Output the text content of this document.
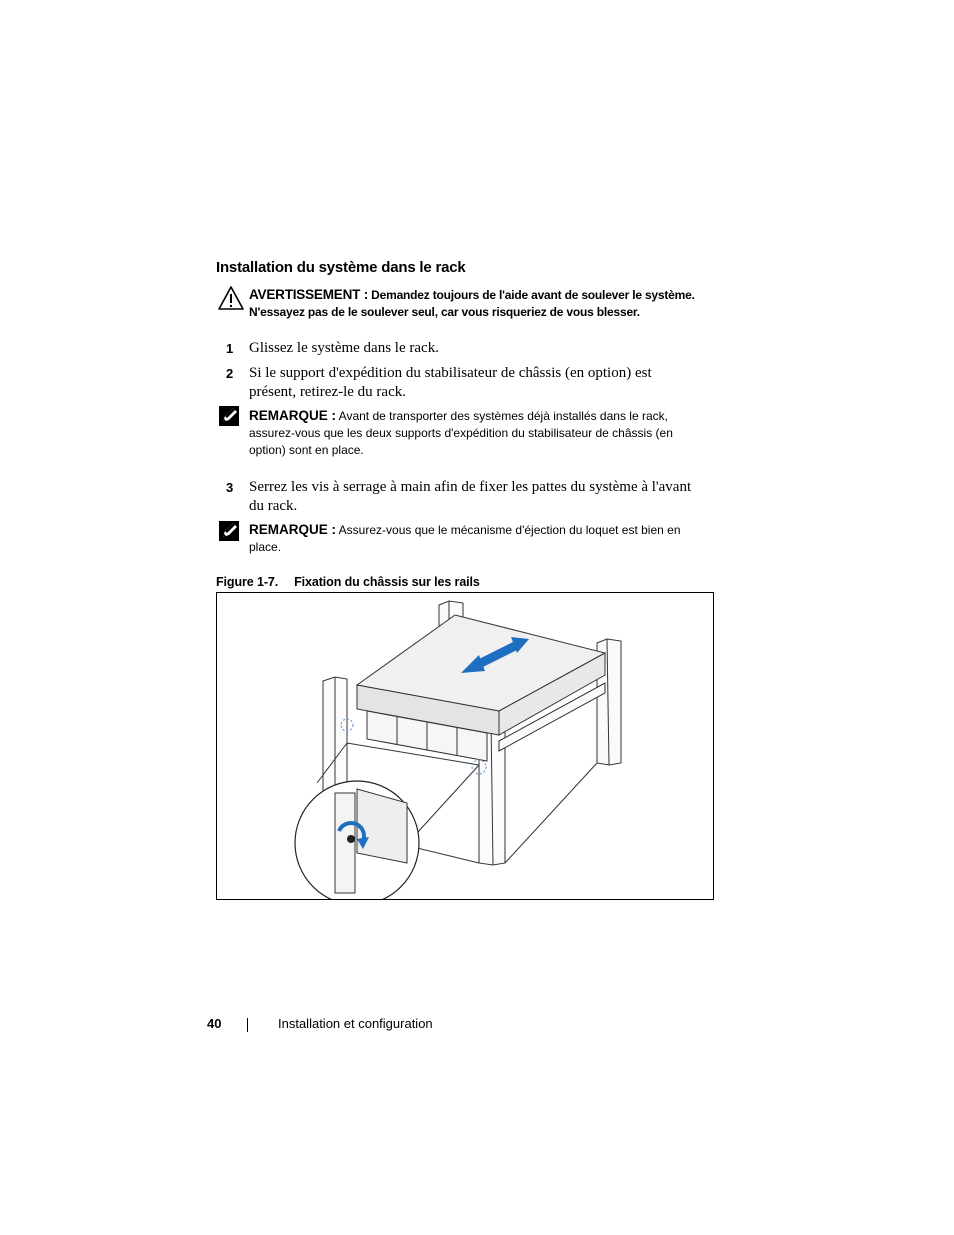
Installation du système dans le rack
AVERTISSEMENT : Demandez toujours de l'aide avant de soulever le système.
N'essayez pas de le soulever seul, car vous risqueriez de vous blesser.
1 Glissez le système dans le rack.
2 Si le support d'expédition du stabilisateur de châssis (en option) est présent, retirez-le du rack.
REMARQUE : Avant de transporter des systèmes déjà installés dans le rack, assurez-vous que les deux supports d'expédition du stabilisateur de châssis (en option) sont en place.
3 Serrez les vis à serrage à main afin de fixer les pattes du système à l'avant du rack.
REMARQUE : Assurez-vous que le mécanisme d'éjection du loquet est bien en place.
Figure 1-7. Fixation du châssis sur les rails
40	Installation et configuration
